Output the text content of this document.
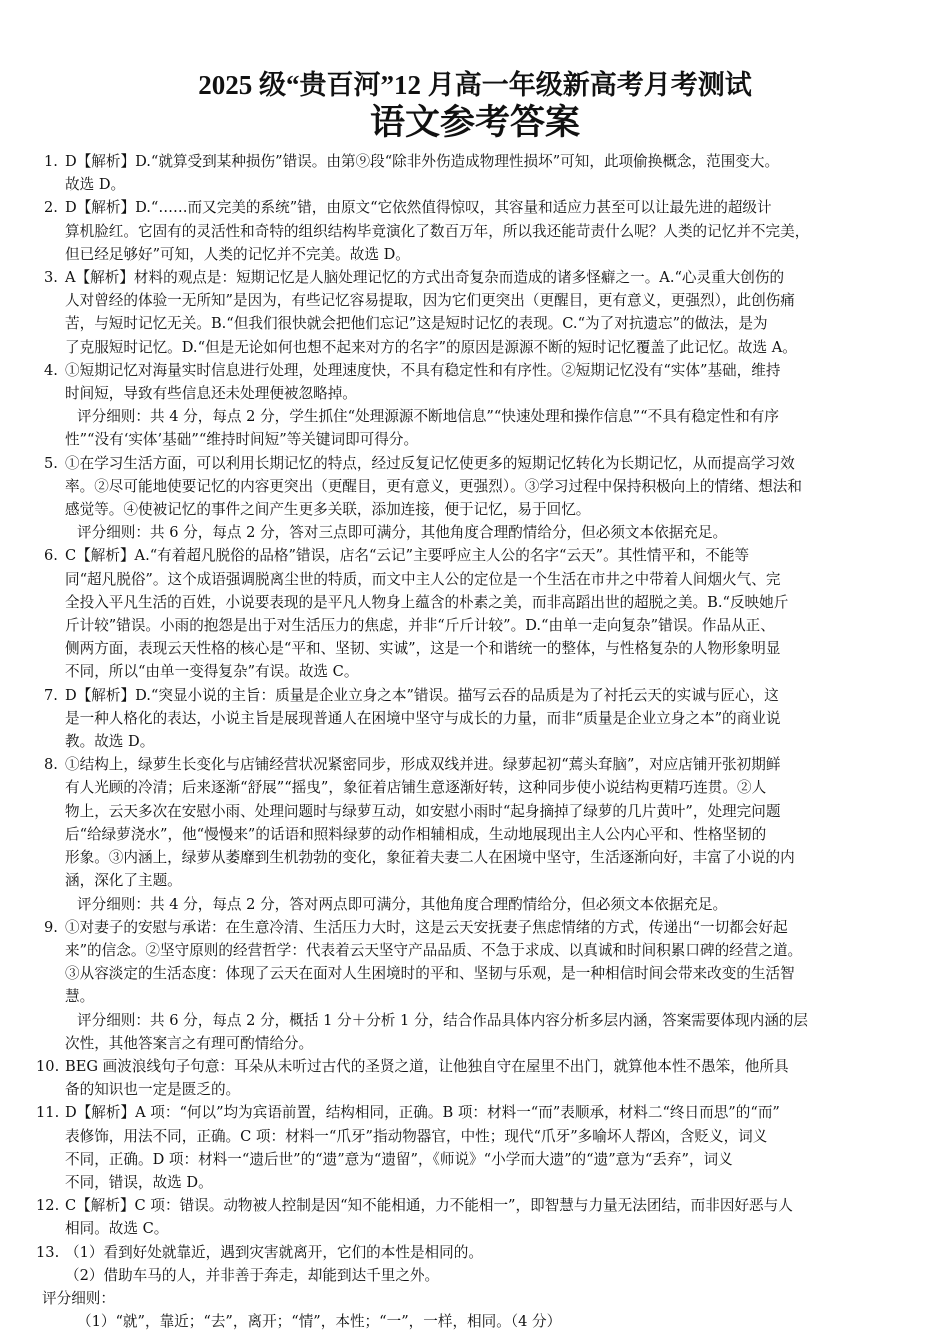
2025 级“贵百河”12 月高一年级新高考月考测试
语文参考答案
1. D【解析】D.“就算受到某种损伤”错误。由第⑨段“除非外伤造成物理性损坏”可知，此项偷换概念，范围变大。
故选 D。
2. D【解析】D.“……而又完美的系统”错，由原文“它依然值得惊叹，其容量和适应力甚至可以让最先进的超级计
算机脸红。它固有的灵活性和奇特的组织结构毕竟演化了数百万年，所以我还能苛责什么呢？人类的记忆并不完美，
但已经足够好”可知，人类的记忆并不完美。故选 D。
3. A【解析】材料的观点是：短期记忆是人脑处理记忆的方式出奇复杂而造成的诸多怪癖之一。A.“心灵重大创伤的
人对曾经的体验一无所知”是因为，有些记忆容易提取，因为它们更突出（更醒目，更有意义，更强烈），此创伤痛
苦，与短时记忆无关。B.“但我们很快就会把他们忘记”这是短时记忆的表现。C.“为了对抗遗忘”的做法，是为
了克服短时记忆。D.“但是无论如何也想不起来对方的名字”的原因是源源不断的短时记忆覆盖了此记忆。故选 A。
4. ①短期记忆对海量实时信息进行处理，处理速度快，不具有稳定性和有序性。②短期记忆没有“实体”基础，维持
时间短，导致有些信息还未处理便被忽略掉。
评分细则：共 4 分，每点 2 分，学生抓住“处理源源不断地信息”“快速处理和操作信息”“不具有稳定性和有序
性”“没有‘实体’基础”“维持时间短”等关键词即可得分。
5. ①在学习生活方面，可以利用长期记忆的特点，经过反复记忆使更多的短期记忆转化为长期记忆，从而提高学习效
率。②尽可能地使要记忆的内容更突出（更醒目，更有意义，更强烈）。③学习过程中保持积极向上的情绪、想法和
感觉等。④使被记忆的事件之间产生更多关联，添加连接，便于记忆，易于回忆。
评分细则：共 6 分，每点 2 分，答对三点即可满分，其他角度合理酌情给分，但必须文本依据充足。
6. C【解析】A.“有着超凡脱俗的品格”错误，店名“云记”主要呼应主人公的名字“云天”。其性情平和，不能等
同“超凡脱俗”。这个成语强调脱离尘世的特质，而文中主人公的定位是一个生活在市井之中带着人间烟火气、完
全投入平凡生活的百姓，小说要表现的是平凡人物身上蕴含的朴素之美，而非高蹈出世的超脱之美。B.“反映她斤
斤计较”错误。小雨的抱怨是出于对生活压力的焦虑，并非“斤斤计较”。D.“由单一走向复杂”错误。作品从正、
侧两方面，表现云天性格的核心是“平和、坚韧、实诚”，这是一个和谐统一的整体，与性格复杂的人物形象明显
不同，所以“由单一变得复杂”有误。故选 C。
7. D【解析】D.“突显小说的主旨：质量是企业立身之本”错误。描写云吞的品质是为了衬托云天的实诚与匠心，这
是一种人格化的表达，小说主旨是展现普通人在困境中坚守与成长的力量，而非“质量是企业立身之本”的商业说
教。故选 D。
8. ①结构上，绿萝生长变化与店铺经营状况紧密同步，形成双线并进。绿萝起初“蔫头耷脑”，对应店铺开张初期鲜
有人光顾的冷清；后来逐渐“舒展”“摇曳”，象征着店铺生意逐渐好转，这种同步使小说结构更精巧连贯。②人
物上，云天多次在安慰小雨、处理问题时与绿萝互动，如安慰小雨时“起身摘掉了绿萝的几片黄叶”，处理完问题
后“给绿萝浇水”，他“慢慢来”的话语和照料绿萝的动作相辅相成，生动地展现出主人公内心平和、性格坚韧的
形象。③内涵上，绿萝从萎靡到生机勃勃的变化，象征着夫妻二人在困境中坚守，生活逐渐向好，丰富了小说的内
涵，深化了主题。
评分细则：共 4 分，每点 2 分，答对两点即可满分，其他角度合理酌情给分，但必须文本依据充足。
9. ①对妻子的安慰与承诺：在生意冷清、生活压力大时，这是云天安抚妻子焦虑情绪的方式，传递出“一切都会好起
来”的信念。②坚守原则的经营哲学：代表着云天坚守产品品质、不急于求成、以真诚和时间积累口碑的经营之道。
③从容淡定的生活态度：体现了云天在面对人生困境时的平和、坚韧与乐观，是一种相信时间会带来改变的生活智
慧。
评分细则：共 6 分，每点 2 分，概括 1 分＋分析 1 分，结合作品具体内容分析多层内涵，答案需要体现内涵的层
次性，其他答案言之有理可酌情给分。
10. BEG 画波浪线句子句意：耳朵从未听过古代的圣贤之道，让他独自守在屋里不出门，就算他本性不愚笨，他所具
备的知识也一定是匮乏的。
11. D【解析】A 项：“何以”均为宾语前置，结构相同，正确。B 项：材料一“而”表顺承，材料二“终日而思”的“而”
表修饰，用法不同，正确。C 项：材料一“爪牙”指动物器官，中性；现代“爪牙”多喻坏人帮凶，含贬义，词义
不同，正确。D 项：材料一“遗后世”的“遗”意为“遗留”，《师说》“小学而大遗”的“遗”意为“丢弃”，词义
不同，错误，故选 D。
12. C【解析】C 项：错误。动物被人控制是因“知不能相通，力不能相一”，即智慧与力量无法团结，而非因好恶与人
相同。故选 C。
13. （1）看到好处就靠近，遇到灾害就离开，它们的本性是相同的。
（2）借助车马的人，并非善于奔走，却能到达千里之外。
评分细则：
（1）“就”，靠近；“去”，离开；“情”，本性；“一”，一样，相同。（4 分）
